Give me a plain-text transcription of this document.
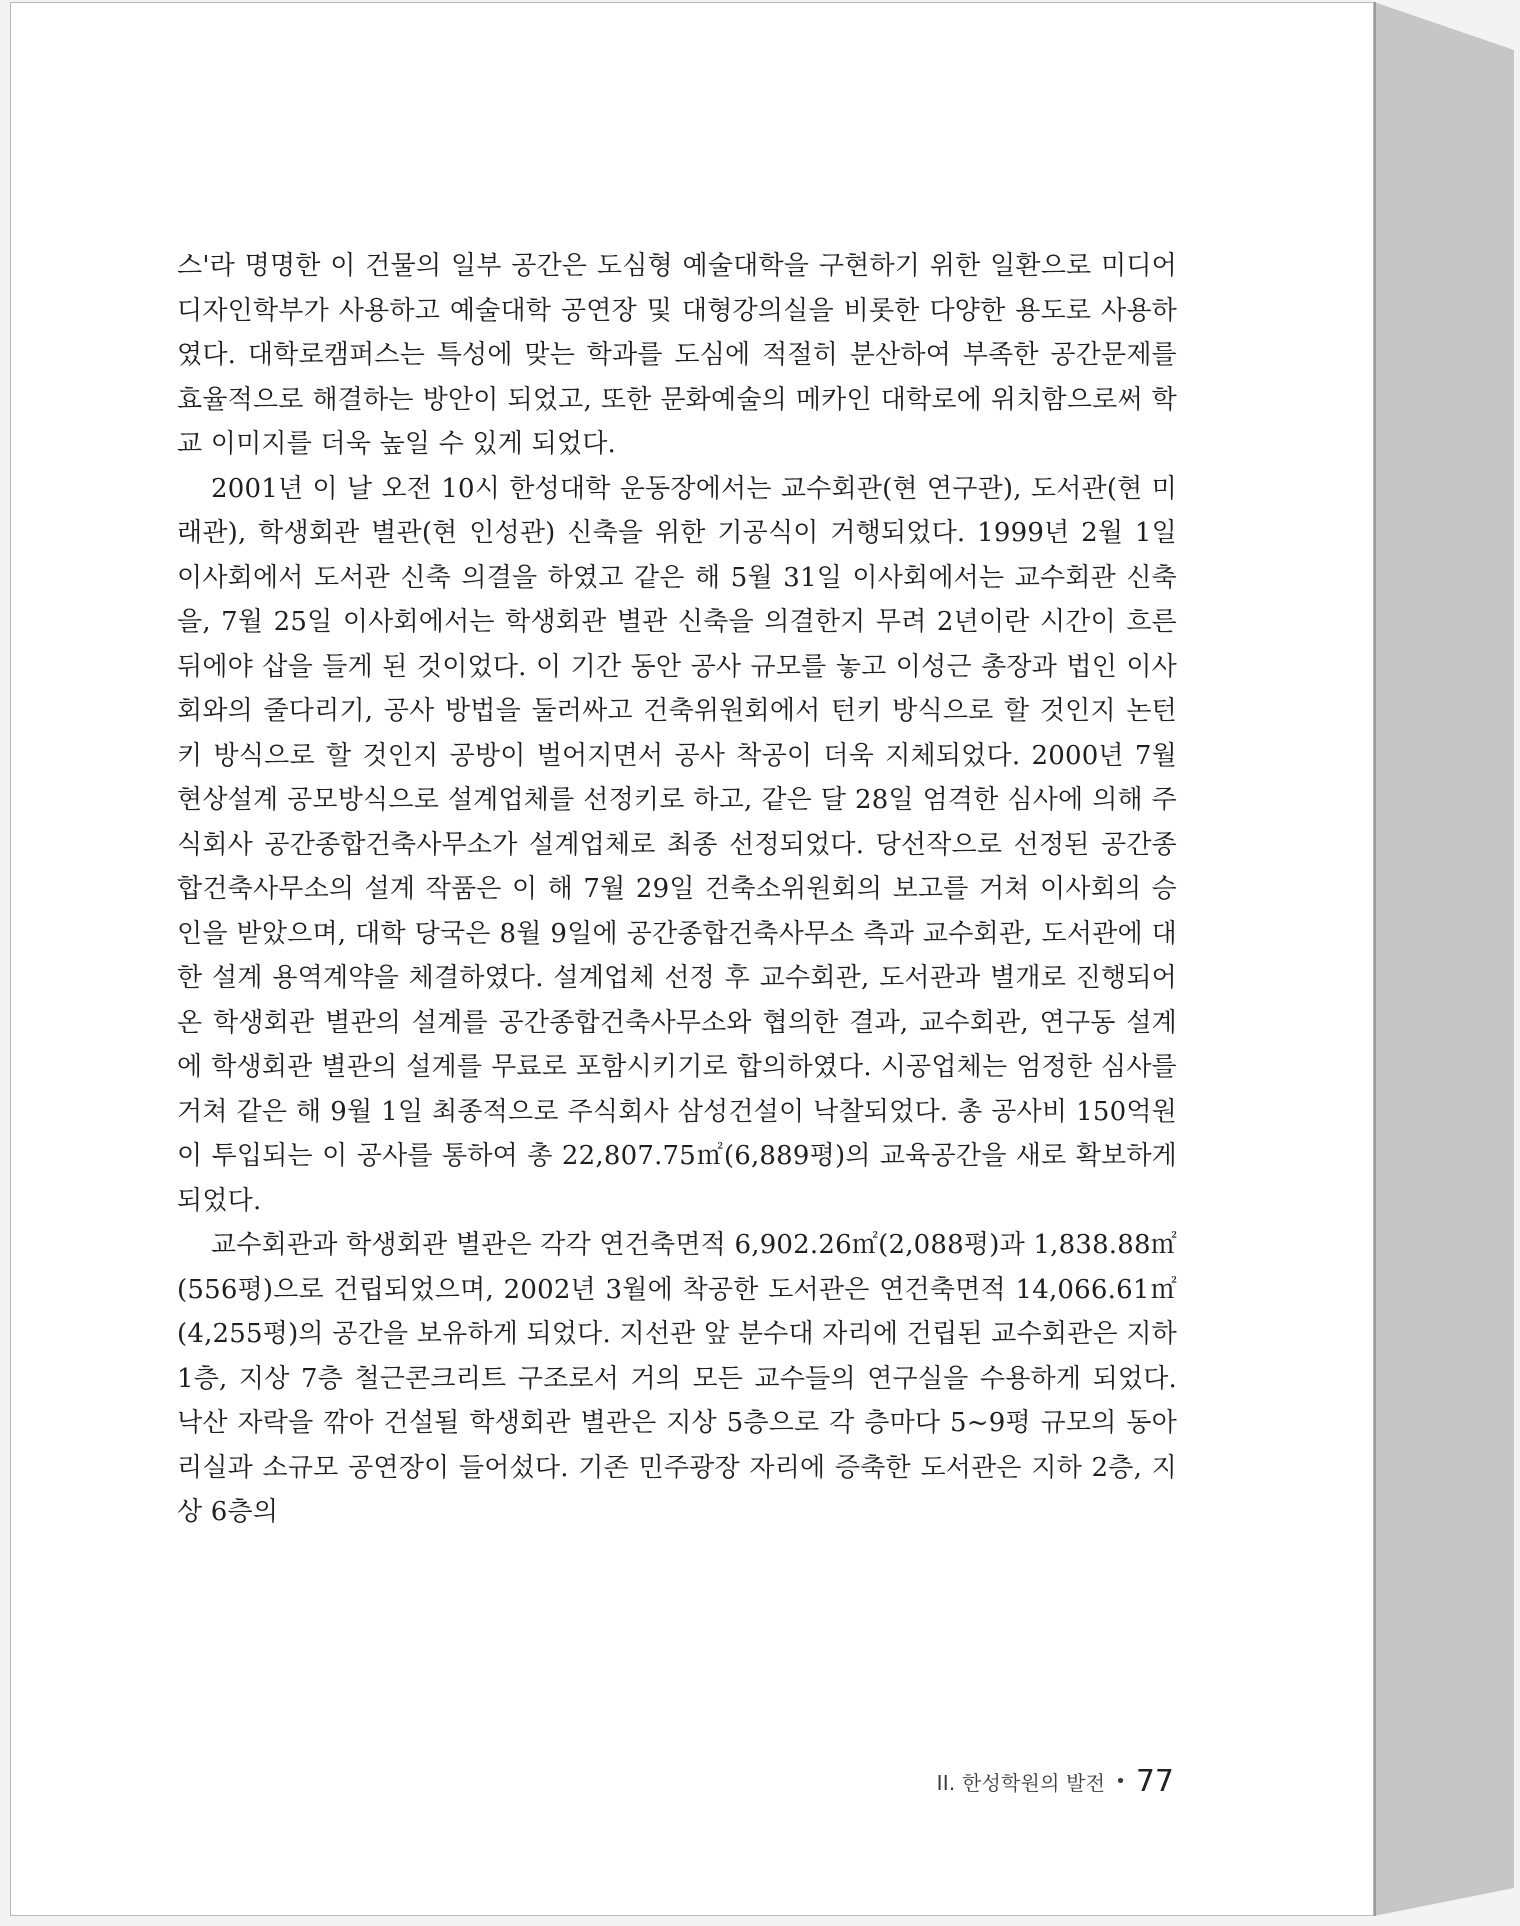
스'라 명명한 이 건물의 일부 공간은 도심형 예술대학을 구현하기 위한 일환으로 미디어디자인학부가 사용하고 예술대학 공연장 및 대형강의실을 비롯한 다양한 용도로 사용하였다. 대학로캠퍼스는 특성에 맞는 학과를 도심에 적절히 분산하여 부족한 공간문제를 효율적으로 해결하는 방안이 되었고, 또한 문화예술의 메카인 대학로에 위치함으로써 학교 이미지를 더욱 높일 수 있게 되었다.

2001년 이 날 오전 10시 한성대학 운동장에서는 교수회관(현 연구관), 도서관(현 미래관), 학생회관 별관(현 인성관) 신축을 위한 기공식이 거행되었다. 1999년 2월 1일 이사회에서 도서관 신축 의결을 하였고 같은 해 5월 31일 이사회에서는 교수회관 신축을, 7월 25일 이사회에서는 학생회관 별관 신축을 의결한지 무려 2년이란 시간이 흐른 뒤에야 삽을 들게 된 것이었다. 이 기간 동안 공사 규모를 놓고 이성근 총장과 법인 이사회와의 줄다리기, 공사 방법을 둘러싸고 건축위원회에서 턴키 방식으로 할 것인지 논턴키 방식으로 할 것인지 공방이 벌어지면서 공사 착공이 더욱 지체되었다. 2000년 7월 현상설계 공모방식으로 설계업체를 선정키로 하고, 같은 달 28일 엄격한 심사에 의해 주식회사 공간종합건축사무소가 설계업체로 최종 선정되었다. 당선작으로 선정된 공간종합건축사무소의 설계 작품은 이 해 7월 29일 건축소위원회의 보고를 거쳐 이사회의 승인을 받았으며, 대학 당국은 8월 9일에 공간종합건축사무소 측과 교수회관, 도서관에 대한 설계 용역계약을 체결하였다. 설계업체 선정 후 교수회관, 도서관과 별개로 진행되어 온 학생회관 별관의 설계를 공간종합건축사무소와 협의한 결과, 교수회관, 연구동 설계에 학생회관 별관의 설계를 무료로 포함시키기로 합의하였다. 시공업체는 엄정한 심사를 거쳐 같은 해 9월 1일 최종적으로 주식회사 삼성건설이 낙찰되었다. 총 공사비 150억원이 투입되는 이 공사를 통하여 총 22,807.75㎡(6,889평)의 교육공간을 새로 확보하게 되었다.

교수회관과 학생회관 별관은 각각 연건축면적 6,902.26㎡(2,088평)과 1,838.88㎡(556평)으로 건립되었으며, 2002년 3월에 착공한 도서관은 연건축면적 14,066.61㎡(4,255평)의 공간을 보유하게 되었다. 지선관 앞 분수대 자리에 건립된 교수회관은 지하 1층, 지상 7층 철근콘크리트 구조로서 거의 모든 교수들의 연구실을 수용하게 되었다. 낙산 자락을 깎아 건설될 학생회관 별관은 지상 5층으로 각 층마다 5~9평 규모의 동아리실과 소규모 공연장이 들어섰다. 기존 민주광장 자리에 증축한 도서관은 지하 2층, 지상 6층의

II. 한성학원의 발전 • 77
